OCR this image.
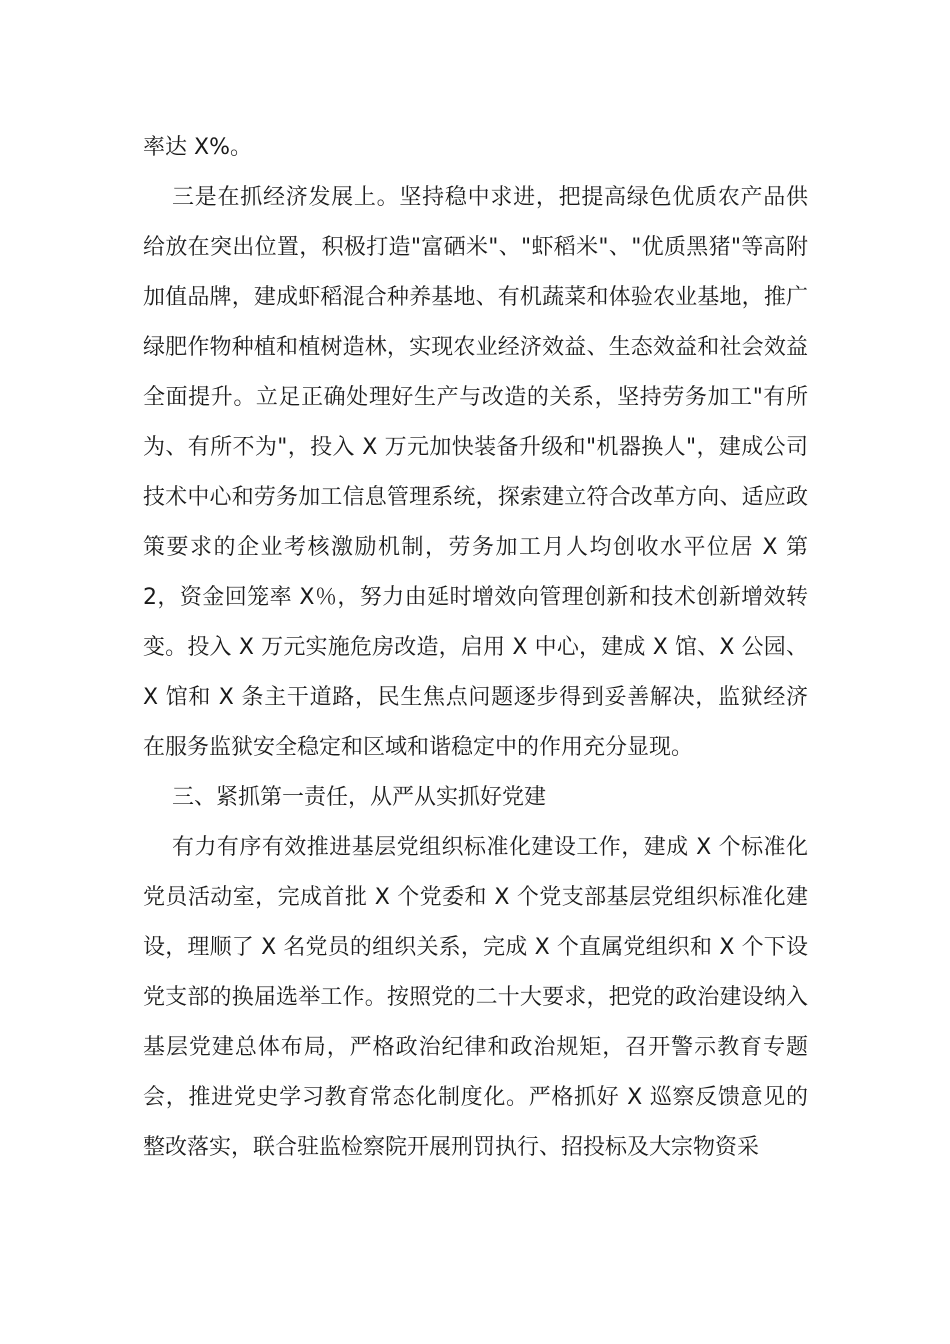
率达 X%。

三是在抓经济发展上。坚持稳中求进，把提高绿色优质农产品供给放在突出位置，积极打造"富硒米"、"虾稻米"、"优质黑猪"等高附加值品牌，建成虾稻混合种养基地、有机蔬菜和体验农业基地，推广绿肥作物种植和植树造林，实现农业经济效益、生态效益和社会效益全面提升。立足正确处理好生产与改造的关系，坚持劳务加工"有所为、有所不为"，投入 X 万元加快装备升级和"机器换人"，建成公司技术中心和劳务加工信息管理系统，探索建立符合改革方向、适应政策要求的企业考核激励机制，劳务加工月人均创收水平位居 X 第 2，资金回笼率 X％，努力由延时增效向管理创新和技术创新增效转变。投入 X 万元实施危房改造，启用 X 中心，建成 X 馆、X 公园、X 馆和 X 条主干道路，民生焦点问题逐步得到妥善解决，监狱经济在服务监狱安全稳定和区域和谐稳定中的作用充分显现。

三、紧抓第一责任，从严从实抓好党建

有力有序有效推进基层党组织标准化建设工作，建成 X 个标准化党员活动室，完成首批 X 个党委和 X 个党支部基层党组织标准化建设，理顺了 X 名党员的组织关系，完成 X 个直属党组织和 X 个下设党支部的换届选举工作。按照党的二十大要求，把党的政治建设纳入基层党建总体布局，严格政治纪律和政治规矩，召开警示教育专题会，推进党史学习教育常态化制度化。严格抓好 X 巡察反馈意见的整改落实，联合驻监检察院开展刑罚执行、招投标及大宗物资采
